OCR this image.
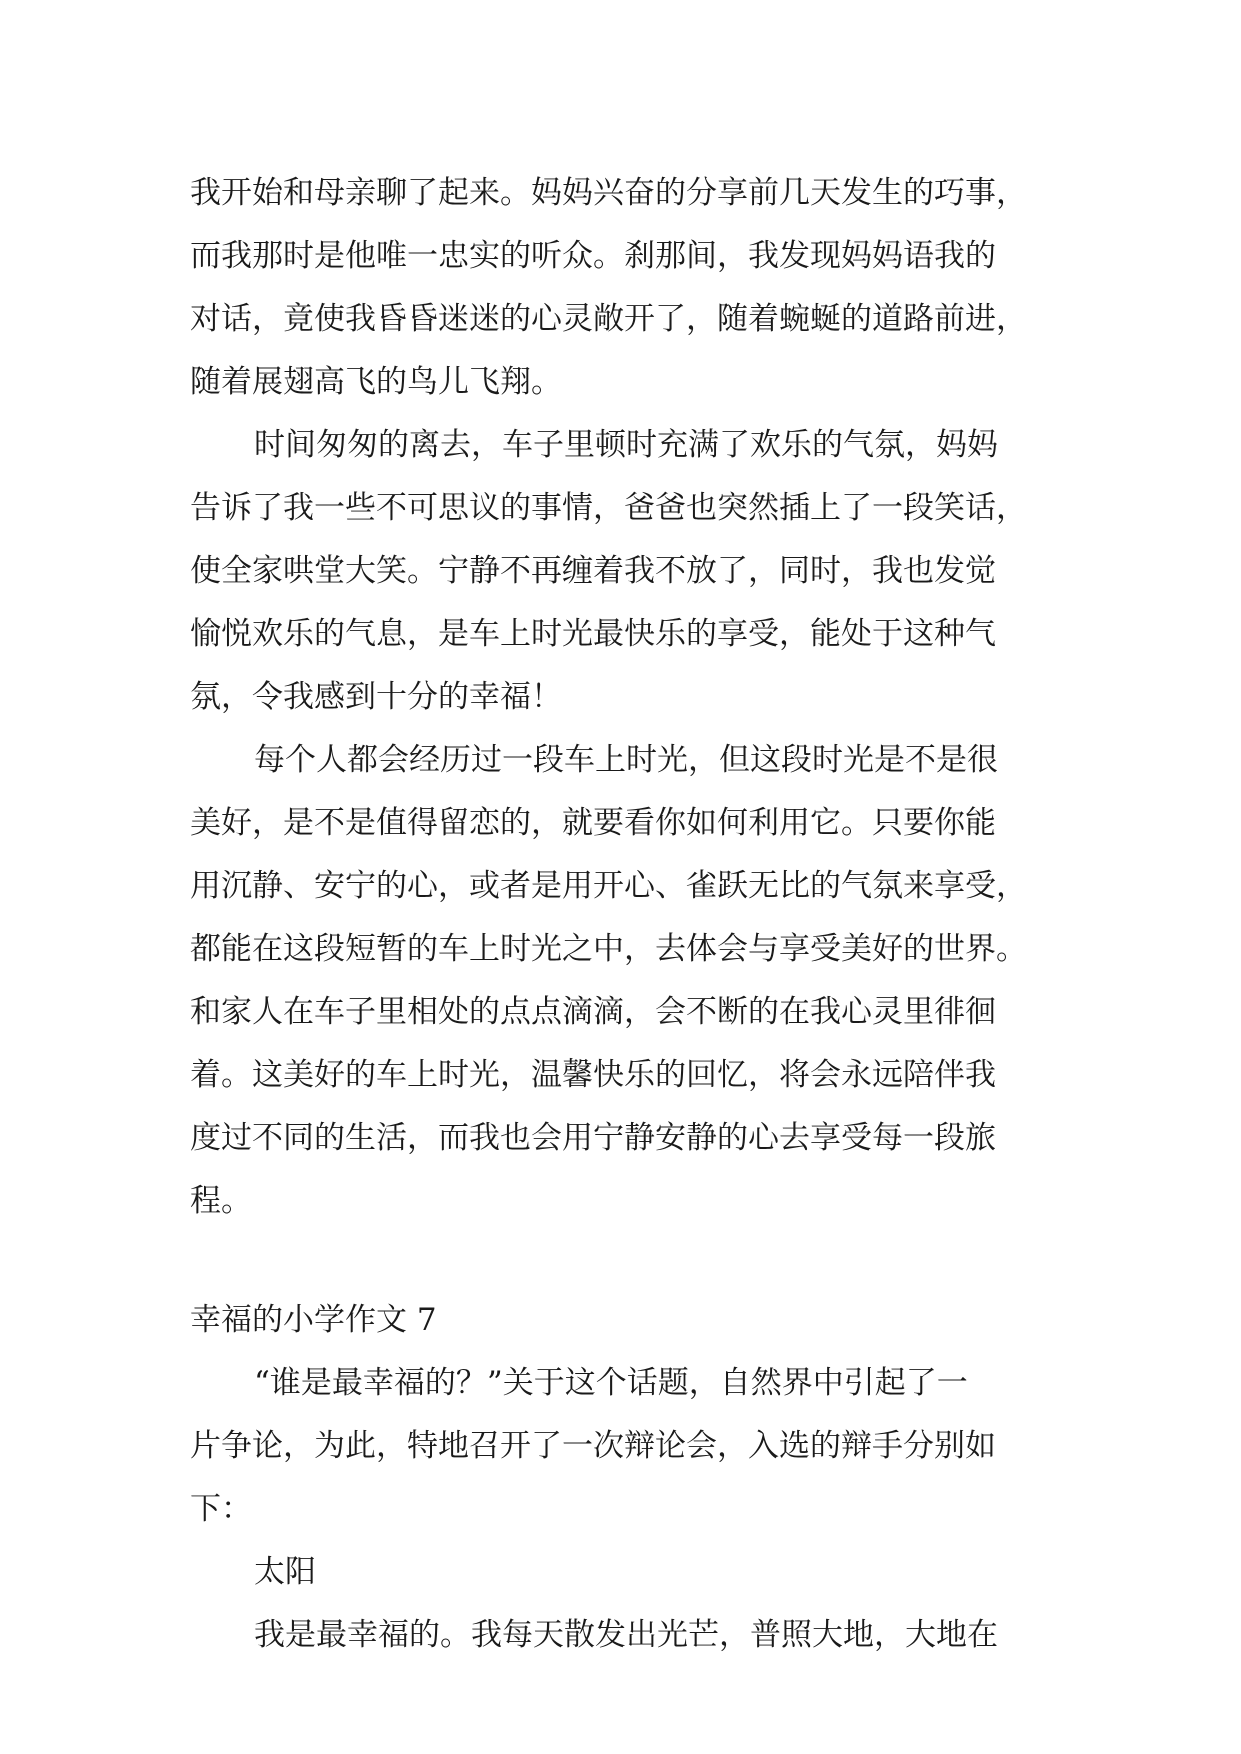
我开始和母亲聊了起来。妈妈兴奋的分享前几天发生的巧事，
而我那时是他唯一忠实的听众。刹那间，我发现妈妈语我的
对话，竟使我昏昏迷迷的心灵敞开了，随着蜿蜒的道路前进，
随着展翅高飞的鸟儿飞翔。
时间匆匆的离去，车子里顿时充满了欢乐的气氛，妈妈
告诉了我一些不可思议的事情，爸爸也突然插上了一段笑话，
使全家哄堂大笑。宁静不再缠着我不放了，同时，我也发觉
愉悦欢乐的气息，是车上时光最快乐的享受，能处于这种气
氛，令我感到十分的幸福！
每个人都会经历过一段车上时光，但这段时光是不是很
美好，是不是值得留恋的，就要看你如何利用它。只要你能
用沉静、安宁的心，或者是用开心、雀跃无比的气氛来享受，
都能在这段短暂的车上时光之中，去体会与享受美好的世界。
和家人在车子里相处的点点滴滴，会不断的在我心灵里徘徊
着。这美好的车上时光，温馨快乐的回忆，将会永远陪伴我
度过不同的生活，而我也会用宁静安静的心去享受每一段旅
程。
幸福的小学作文 7
“谁是最幸福的？”关于这个话题，自然界中引起了一
片争论，为此，特地召开了一次辩论会，入选的辩手分别如
下：
太阳
我是最幸福的。我每天散发出光芒，普照大地，大地在
